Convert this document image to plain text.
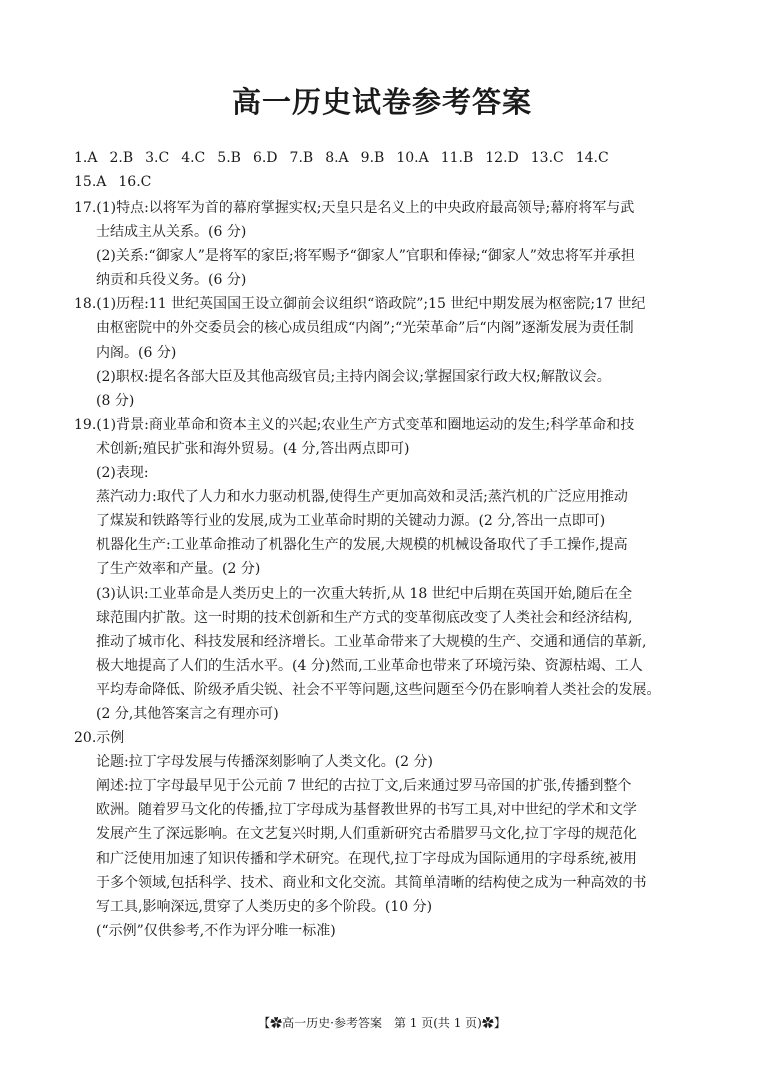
高一历史试卷参考答案
1.A 2.B 3.C 4.C 5.B 6.D 7.B 8.A 9.B 10.A 11.B 12.D 13.C 14.C
15.A 16.C

17.(1)特点:以将军为首的幕府掌握实权;天皇只是名义上的中央政府最高领导;幕府将军与武

士结成主从关系。(6 分)

(2)关系:“御家人”是将军的家臣;将军赐予“御家人”官职和俸禄;“御家人”效忠将军并承担

纳贡和兵役义务。(6 分)

18.(1)历程:11 世纪英国国王设立御前会议组织“谘政院”;15 世纪中期发展为枢密院;17 世纪

由枢密院中的外交委员会的核心成员组成“内阁”;“光荣革命”后“内阁”逐渐发展为责任制

内阁。(6 分)

(2)职权:提名各部大臣及其他高级官员;主持内阁会议;掌握国家行政大权;解散议会。

(8 分)

19.(1)背景:商业革命和资本主义的兴起;农业生产方式变革和圈地运动的发生;科学革命和技

术创新;殖民扩张和海外贸易。(4 分,答出两点即可)

(2)表现:

蒸汽动力:取代了人力和水力驱动机器,使得生产更加高效和灵活;蒸汽机的广泛应用推动

了煤炭和铁路等行业的发展,成为工业革命时期的关键动力源。(2 分,答出一点即可)

机器化生产:工业革命推动了机器化生产的发展,大规模的机械设备取代了手工操作,提高

了生产效率和产量。(2 分)

(3)认识:工业革命是人类历史上的一次重大转折,从 18 世纪中后期在英国开始,随后在全

球范围内扩散。这一时期的技术创新和生产方式的变革彻底改变了人类社会和经济结构,

推动了城市化、科技发展和经济增长。工业革命带来了大规模的生产、交通和通信的革新,

极大地提高了人们的生活水平。(4 分)然而,工业革命也带来了环境污染、资源枯竭、工人

平均寿命降低、阶级矛盾尖锐、社会不平等问题,这些问题至今仍在影响着人类社会的发展。

(2 分,其他答案言之有理亦可)

20.示例

论题:拉丁字母发展与传播深刻影响了人类文化。(2 分)

阐述:拉丁字母最早见于公元前 7 世纪的古拉丁文,后来通过罗马帝国的扩张,传播到整个

欧洲。随着罗马文化的传播,拉丁字母成为基督教世界的书写工具,对中世纪的学术和文学

发展产生了深远影响。在文艺复兴时期,人们重新研究古希腊罗马文化,拉丁字母的规范化

和广泛使用加速了知识传播和学术研究。在现代,拉丁字母成为国际通用的字母系统,被用

于多个领域,包括科学、技术、商业和文化交流。其简单清晰的结构使之成为一种高效的书

写工具,影响深远,贯穿了人类历史的多个阶段。(10 分)

(“示例”仅供参考,不作为评分唯一标准)

【✿高一历史·参考答案　第 1 页(共 1 页)✿】
